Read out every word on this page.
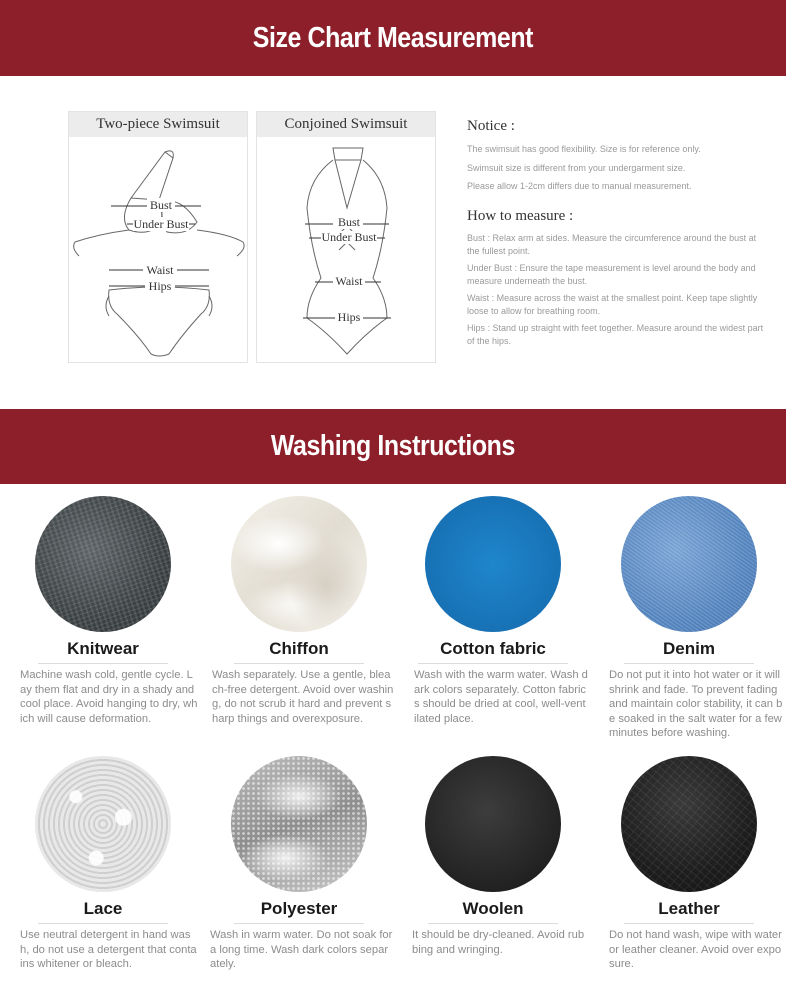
Size Chart Measurement
Two-piece Swimsuit
Bust
Under Bust
Waist
Hips
Conjoined Swimsuit
Bust
Under Bust
Waist
Hips
Notice :
The swimsuit has good flexibility. Size is for reference only.
Swimsuit size is different from your undergarment size.
Please allow 1-2cm differs due to manual measurement.
How to measure :
Bust : Relax arm at sides. Measure the circumference around the bust at the fullest point.
Under Bust : Ensure the tape measurement is level around the body and measure underneath the bust.
Waist : Measure across the waist at the smallest point. Keep tape slightly loose to allow for breathing room.
Hips : Stand up straight with feet together. Measure around the widest part of the hips.
Washing Instructions
Knitwear
Machine wash cold, gentle cycle. Lay them flat and dry in a shady and cool place. Avoid hanging to dry, which will cause deformation.
Chiffon
Wash separately. Use a gentle, bleach-free detergent. Avoid over washing, do not scrub it hard and prevent sharp things and overexposure.
Cotton fabric
Wash with the warm water. Wash dark colors separately. Cotton fabrics should be dried at cool, well-ventilated place.
Denim
Do not put it into hot water or it will shrink and fade. To prevent fading and maintain color stability, it can be soaked in the salt water for a few minutes before washing.
Lace
Use neutral detergent in hand wash, do not use a detergent that contains whitener or bleach.
Polyester
Wash in warm water. Do not soak for a long time. Wash dark colors separately.
Woolen
It should be dry-cleaned. Avoid rubbing and wringing.
Leather
Do not hand wash, wipe with water or leather cleaner. Avoid over exposure.
